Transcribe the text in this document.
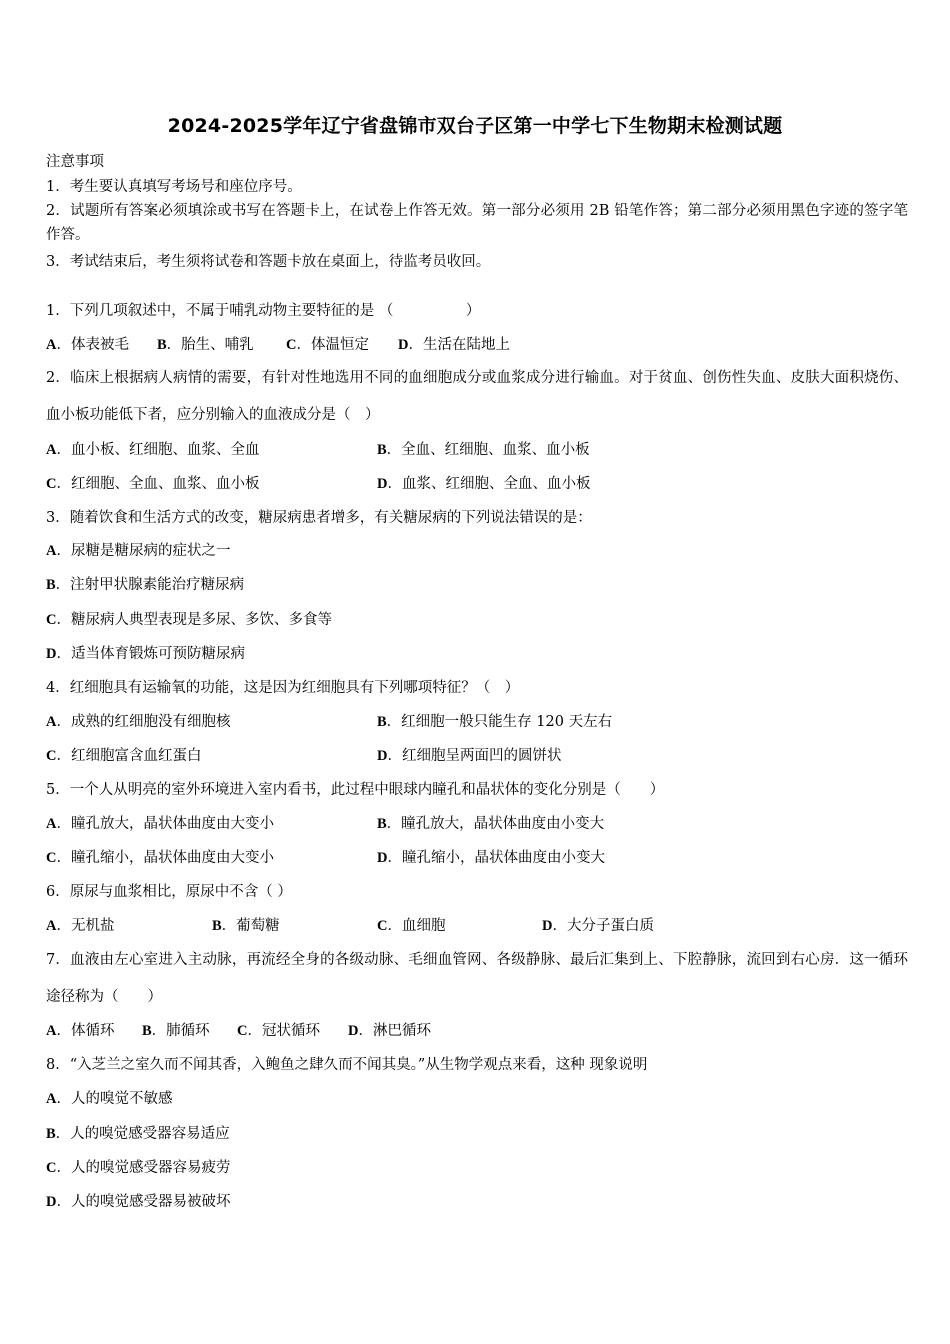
2024-2025学年辽宁省盘锦市双台子区第一中学七下生物期末检测试题
注意事项
1．考生要认真填写考场号和座位序号。
2．试题所有答案必须填涂或书写在答题卡上，在试卷上作答无效。第一部分必须用 2B 铅笔作答；第二部分必须用黑色字迹的签字笔作答。
3．考试结束后，考生须将试卷和答题卡放在桌面上，待监考员收回。
1．下列几项叙述中，不属于哺乳动物主要特征的是 （　　　　　）
A．体表被毛 B．胎生、哺乳 C．体温恒定 D．生活在陆地上
2．临床上根据病人病情的需要，有针对性地选用不同的血细胞成分或血浆成分进行输血。对于贫血、创伤性失血、皮肤大面积烧伤、血小板功能低下者，应分别输入的血液成分是（　）
A．血小板、红细胞、血浆、全血	B．全血、红细胞、血浆、血小板
C．红细胞、全血、血浆、血小板	D．血浆、红细胞、全血、血小板
3．随着饮食和生活方式的改变，糖尿病患者增多，有关糖尿病的下列说法错误的是：
A．尿糖是糖尿病的症状之一
B．注射甲状腺素能治疗糖尿病
C．糖尿病人典型表现是多尿、多饮、多食等
D．适当体育锻炼可预防糖尿病
4．红细胞具有运输氧的功能，这是因为红细胞具有下列哪项特征？（　）
A．成熟的红细胞没有细胞核	B．红细胞一般只能生存 120 天左右
C．红细胞富含血红蛋白	D．红细胞呈两面凹的圆饼状
5．一个人从明亮的室外环境进入室内看书，此过程中眼球内瞳孔和晶状体的变化分别是（　　）
A．瞳孔放大，晶状体曲度由大变小	B．瞳孔放大，晶状体曲度由小变大
C．瞳孔缩小，晶状体曲度由大变小	D．瞳孔缩小，晶状体曲度由小变大
6．原尿与血浆相比，原尿中不含（ ）
A．无机盐	B．葡萄糖	C．血细胞	D．大分子蛋白质
7．血液由左心室进入主动脉，再流经全身的各级动脉、毛细血管网、各级静脉、最后汇集到上、下腔静脉，流回到右心房．这一循环途径称为（　　）
A．体循环 B．肺循环 C．冠状循环 D．淋巴循环
8．“入芝兰之室久而不闻其香，入鲍鱼之肆久而不闻其臭。”从生物学观点来看，这种 现象说明
A．人的嗅觉不敏感
B．人的嗅觉感受器容易适应
C．人的嗅觉感受器容易疲劳
D．人的嗅觉感受器易被破坏
